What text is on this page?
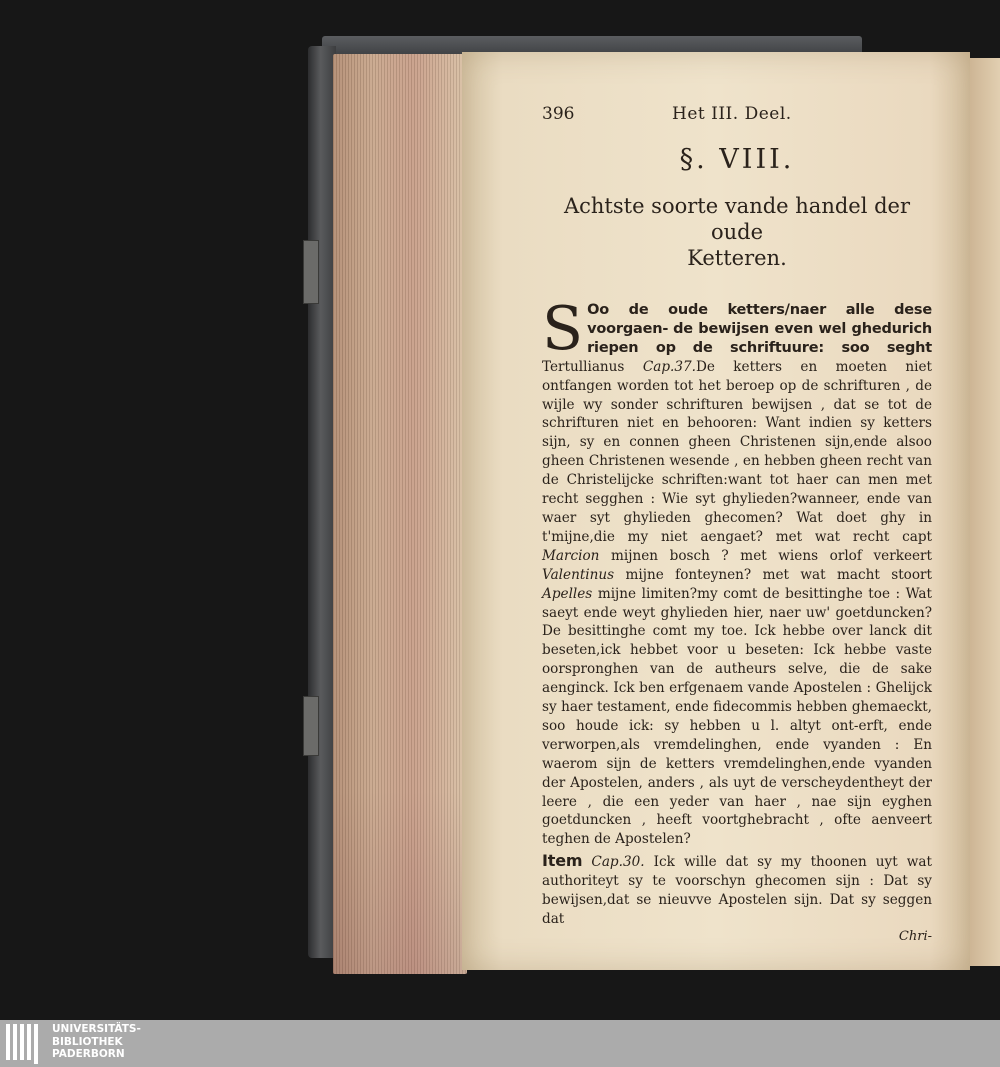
396	Het III. Deel.
§. VIII.
Achtste soorte vande handel der oude
Ketteren.
S Oo de oude ketters/naer alle dese voorgaen- de bewijsen even wel ghedurich riepen op de schriftuure: soo seght Tertullianus Cap.37.De ketters en moeten niet ontfangen worden tot het beroep op de schrifturen , de wijle wy sonder schrifturen bewijsen , dat se tot de schrifturen niet en behooren: Want indien sy ketters sijn, sy en connen gheen Christenen sijn,ende alsoo gheen Christenen wesende , en hebben gheen recht van de Christelijcke schriften:want tot haer can men met recht segghen : Wie syt ghylieden?wanneer, ende van waer syt ghylieden ghecomen? Wat doet ghy in t'mijne,die my niet aengaet? met wat recht capt Marcion mijnen bosch ? met wiens orlof verkeert Valentinus mijne fonteynen? met wat macht stoort Apelles mijne limiten?my comt de besittinghe toe : Wat saeyt ende weyt ghylieden hier, naer uw' goetduncken? De besittinghe comt my toe. Ick hebbe over lanck dit beseten,ick hebbet voor u beseten: Ick hebbe vaste oorspronghen van de autheurs selve, die de sake aenginck. Ick ben erfgenaem vande Apostelen : Ghelijck sy haer testament, ende fidecommis hebben ghemaeckt, soo houde ick: sy hebben u l. altyt ont-erft, ende verworpen,als vremdelinghen, ende vyanden : En waerom sijn de ketters vremdelinghen,ende vyanden der Apostelen, anders , als uyt de verscheydentheyt der leere , die een yeder van haer , nae sijn eyghen goetduncken , heeft voortghebracht , ofte aenveert teghen de Apostelen?

Item Cap.30. Ick wille dat sy my thoonen uyt wat authoriteyt sy te voorschyn ghecomen sijn : Dat sy bewijsen,dat se nieuvve Apostelen sijn. Dat sy seggen dat

Chri-
UNIVERSITÄTS-
BIBLIOTHEK
PADERBORN
